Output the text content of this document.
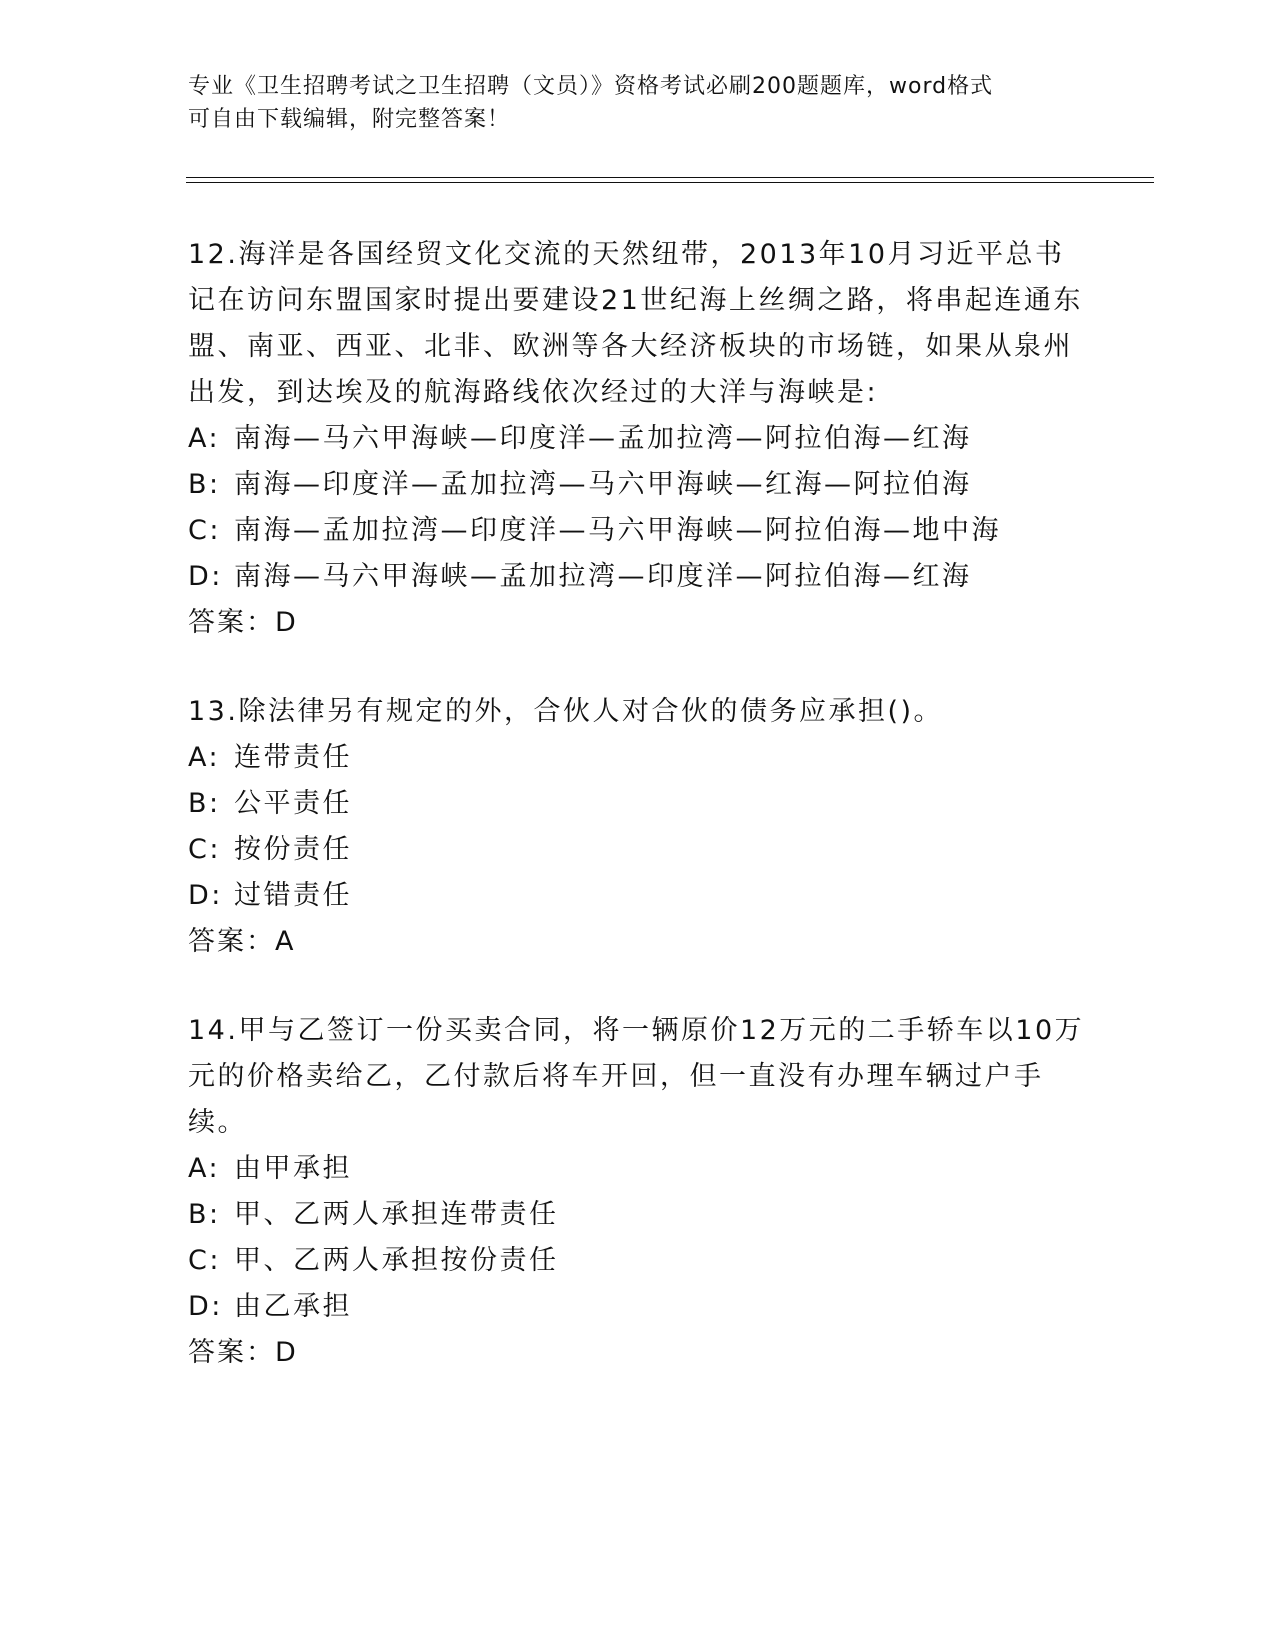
专业《卫生招聘考试之卫生招聘（文员）》资格考试必刷200题题库，word格式
可自由下载编辑，附完整答案！
12.海洋是各国经贸文化交流的天然纽带，2013年10月习近平总书记在访问东盟国家时提出要建设21世纪海上丝绸之路，将串起连通东盟、南亚、西亚、北非、欧洲等各大经济板块的市场链，如果从泉州出发，到达埃及的航海路线依次经过的大洋与海峡是:
A: 南海—马六甲海峡—印度洋—孟加拉湾—阿拉伯海—红海
B: 南海—印度洋—孟加拉湾—马六甲海峡—红海—阿拉伯海
C: 南海—孟加拉湾—印度洋—马六甲海峡—阿拉伯海—地中海
D: 南海—马六甲海峡—孟加拉湾—印度洋—阿拉伯海—红海
答案：D
13.除法律另有规定的外，合伙人对合伙的债务应承担()。
A: 连带责任
B: 公平责任
C: 按份责任
D: 过错责任
答案：A
14.甲与乙签订一份买卖合同，将一辆原价12万元的二手轿车以10万元的价格卖给乙，乙付款后将车开回，但一直没有办理车辆过户手续。
A: 由甲承担
B: 甲、乙两人承担连带责任
C: 甲、乙两人承担按份责任
D: 由乙承担
答案：D
